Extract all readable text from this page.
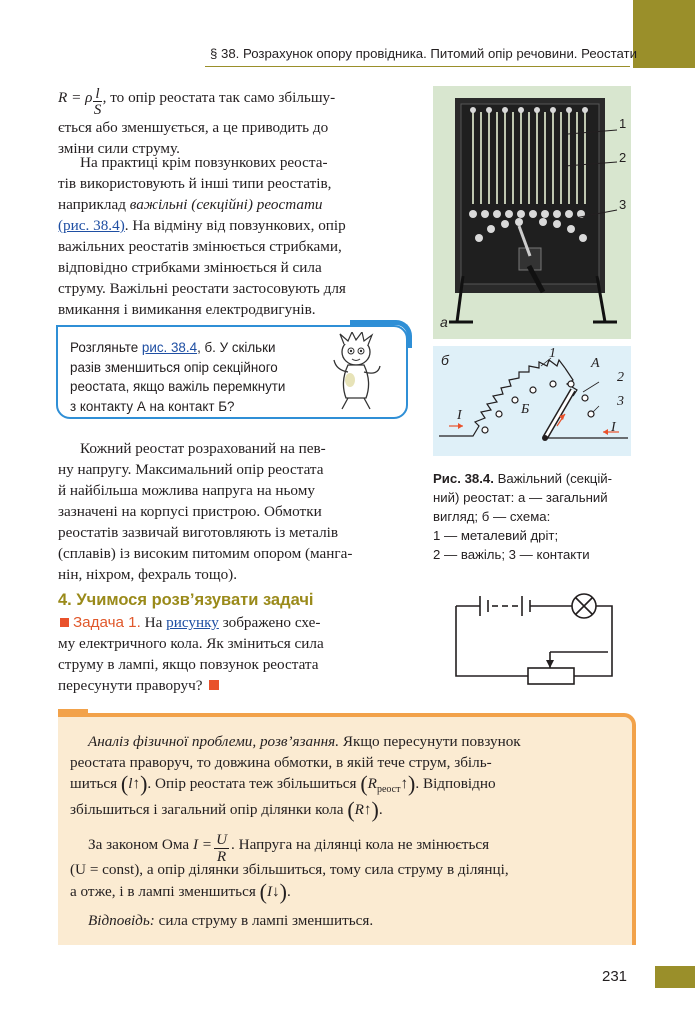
§ 38. Розрахунок опору провідника. Питомий опір речовини. Реостати
R = ρ $\frac{l}{S}$ , то опір реостата так само збільшу-
ється або зменшується, а це приводить до
зміни сили струму.
На практиці крім повзункових реоста-
тів використовують й інші типи реостатів,
наприклад важільні (секційні) реостати
(рис. 38.4). На відміну від повзункових, опір
важільних реостатів змінюється стрибками,
відповідно стрибками змінюється й сила
струму. Важільні реостати застосовують для
вмикання і вимикання електродвигунів.
Розгляньте рис. 38.4, б. У скільки
разів зменшиться опір секційного
реостата, якщо важіль перемкнути
з контакту А на контакт Б?
Кожний реостат розрахований на пев-
ну напругу. Максимальний опір реостата
й найбільша можлива напруга на ньому
зазначені на корпусі пристрою. Обмотки
реостатів зазвичай виготовляють із металів
(сплавів) із високим питомим опором (манга-
нін, ніхром, фехраль тощо).
1
2
3
а
б	1
А
2
3
Б
I
I
Рис. 38.4. Важільний (секцій-
ний) реостат: а — загальний
вигляд; б — схема:
1 — металевий дріт;
2 — важіль; 3 — контакти
4. Учимося розв’язувати задачі
Задача 1. На рисунку зображено схе-
му електричного кола. Як зміниться сила
струму в лампі, якщо повзунок реостата
пересунути праворуч?
Аналіз фізичної проблеми, розв’язання. Якщо пересунути повзунок
реостата праворуч, то довжина обмотки, в якій тече струм, збіль-
шиться (l↑). Опір реостата теж збільшиться $(R_{реост}↑)$. Відповідно
збільшиться і загальний опір ділянки кола (R↑).
За законом Ома $I = \frac{U}{R}$ . Напруга на ділянці кола не змінюється
(U = const), а опір ділянки збільшиться, тому сила струму в ділянці,
а отже, і в лампі зменшиться (I↓).
Відповідь: сила струму в лампі зменшиться.
231
